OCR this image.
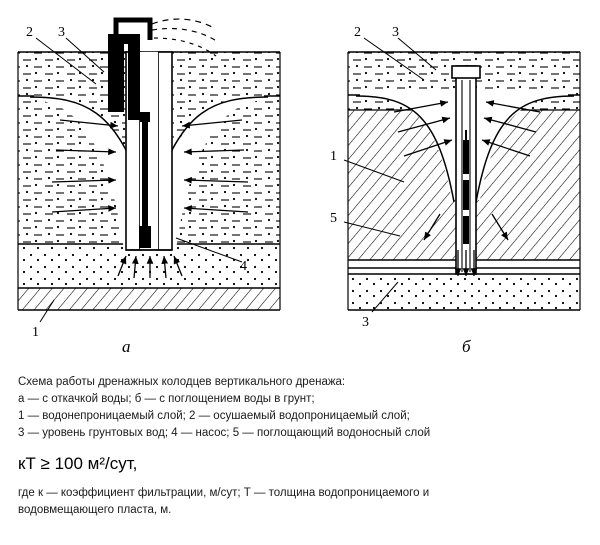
2 3
4
1
а
2 3
1
5
3
б
Схема работы дренажных колодцев вертикального дренажа:
а — с откачкой воды; б — с поглощением воды в грунт;
1 — водонепроницаемый слой; 2 — осушаемый водопроницаемый слой;
3 — уровень грунтовых вод; 4 — насос; 5 — поглощающий водоносный слой
кТ ≥ 100 м²/сут,
где к — коэффициент фильтрации, м/сут; Т — толщина водопроницаемого и
водовмещающего пласта, м.
